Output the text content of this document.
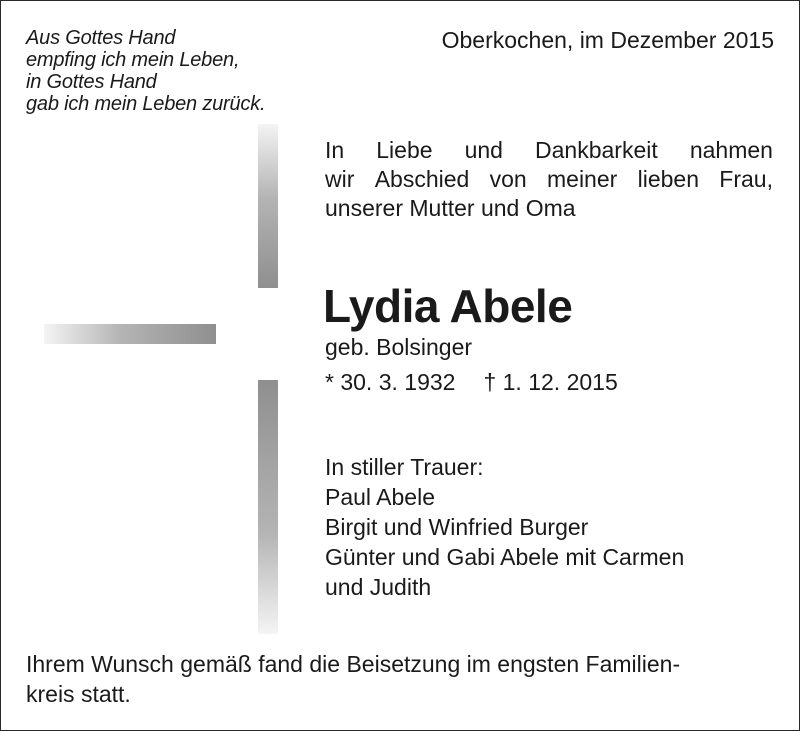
Aus Gottes Hand
empfing ich mein Leben,
in Gottes Hand
gab ich mein Leben zurück.
Oberkochen, im Dezember 2015
In Liebe und Dankbarkeit nahmen
wir Abschied von meiner lieben Frau,
unserer Mutter und Oma
Lydia Abele
geb. Bolsinger
* 30. 3. 1932 † 1. 12. 2015
In stiller Trauer:
Paul Abele
Birgit und Winfried Burger
Günter und Gabi Abele mit Carmen
und Judith
Ihrem Wunsch gemäß fand die Beisetzung im engsten Familien-
kreis statt.
